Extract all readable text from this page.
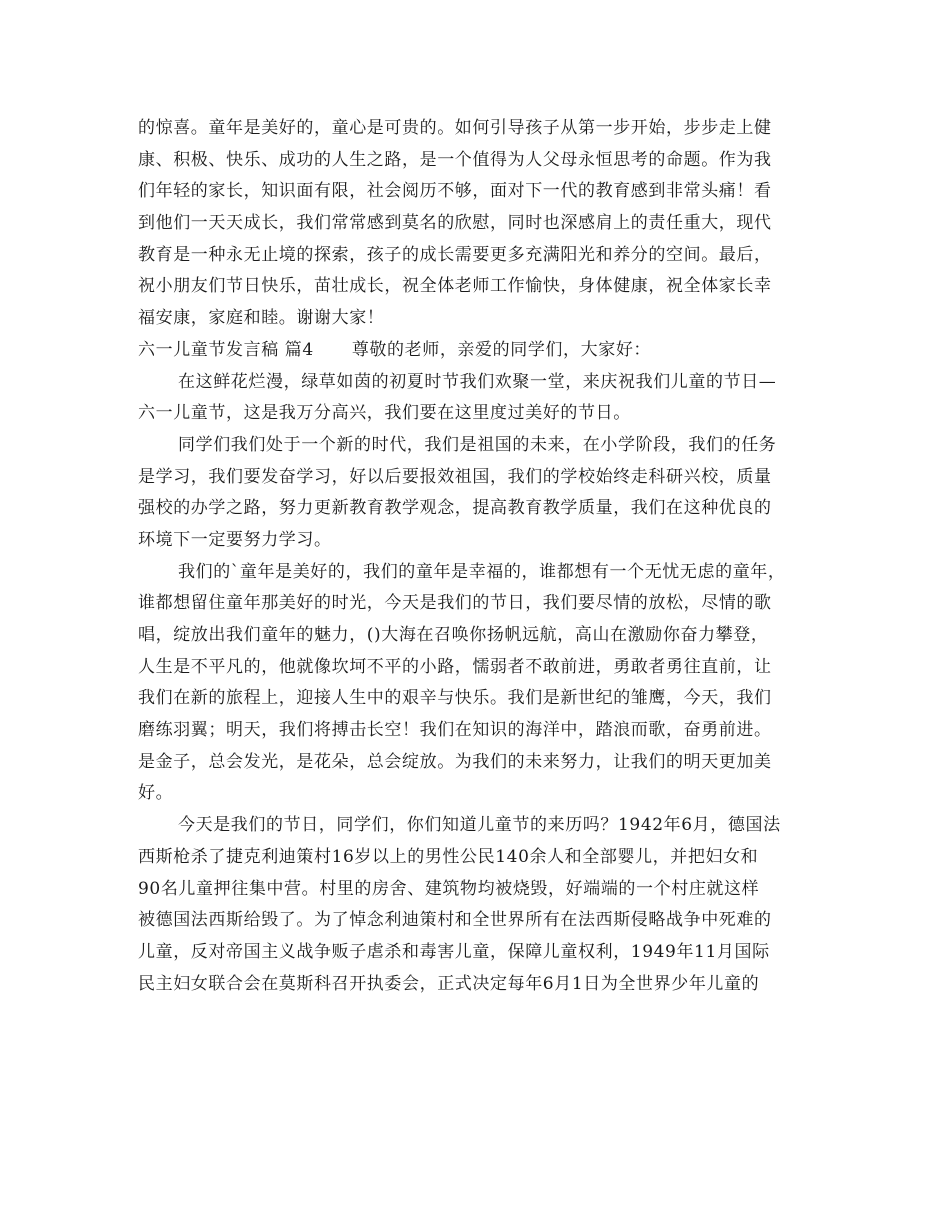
的惊喜。童年是美好的，童心是可贵的。如何引导孩子从第一步开始，步步走上健
康、积极、快乐、成功的人生之路，是一个值得为人父母永恒思考的命题。作为我
们年轻的家长，知识面有限，社会阅历不够，面对下一代的教育感到非常头痛！看
到他们一天天成长，我们常常感到莫名的欣慰，同时也深感肩上的责任重大，现代
教育是一种永无止境的探索，孩子的成长需要更多充满阳光和养分的空间。最后，
祝小朋友们节日快乐，苗壮成长，祝全体老师工作愉快，身体健康，祝全体家长幸
福安康，家庭和睦。谢谢大家！
六一儿童节发言稿 篇4 尊敬的老师，亲爱的同学们，大家好：
在这鲜花烂漫，绿草如茵的初夏时节我们欢聚一堂，来庆祝我们儿童的节日—
六一儿童节，这是我万分高兴，我们要在这里度过美好的节日。
同学们我们处于一个新的时代，我们是祖国的未来，在小学阶段，我们的任务
是学习，我们要发奋学习，好以后要报效祖国，我们的学校始终走科研兴校，质量
强校的办学之路，努力更新教育教学观念，提高教育教学质量，我们在这种优良的
环境下一定要努力学习。
我们的`童年是美好的，我们的童年是幸福的，谁都想有一个无忧无虑的童年，
谁都想留住童年那美好的时光，今天是我们的节日，我们要尽情的放松，尽情的歌
唱，绽放出我们童年的魅力，()大海在召唤你扬帆远航，高山在激励你奋力攀登，
人生是不平凡的，他就像坎坷不平的小路，懦弱者不敢前进，勇敢者勇往直前，让
我们在新的旅程上，迎接人生中的艰辛与快乐。我们是新世纪的雏鹰，今天，我们
磨练羽翼；明天，我们将搏击长空！我们在知识的海洋中，踏浪而歌，奋勇前进。
是金子，总会发光，是花朵，总会绽放。为我们的未来努力，让我们的明天更加美
好。
今天是我们的节日，同学们，你们知道儿童节的来历吗？1942年6月，德国法
西斯枪杀了捷克利迪策村16岁以上的男性公民140余人和全部婴儿，并把妇女和
90名儿童押往集中营。村里的房舍、建筑物均被烧毁，好端端的一个村庄就这样
被德国法西斯给毁了。为了悼念利迪策村和全世界所有在法西斯侵略战争中死难的
儿童，反对帝国主义战争贩子虐杀和毒害儿童，保障儿童权利，1949年11月国际
民主妇女联合会在莫斯科召开执委会，正式决定每年6月1日为全世界少年儿童的
